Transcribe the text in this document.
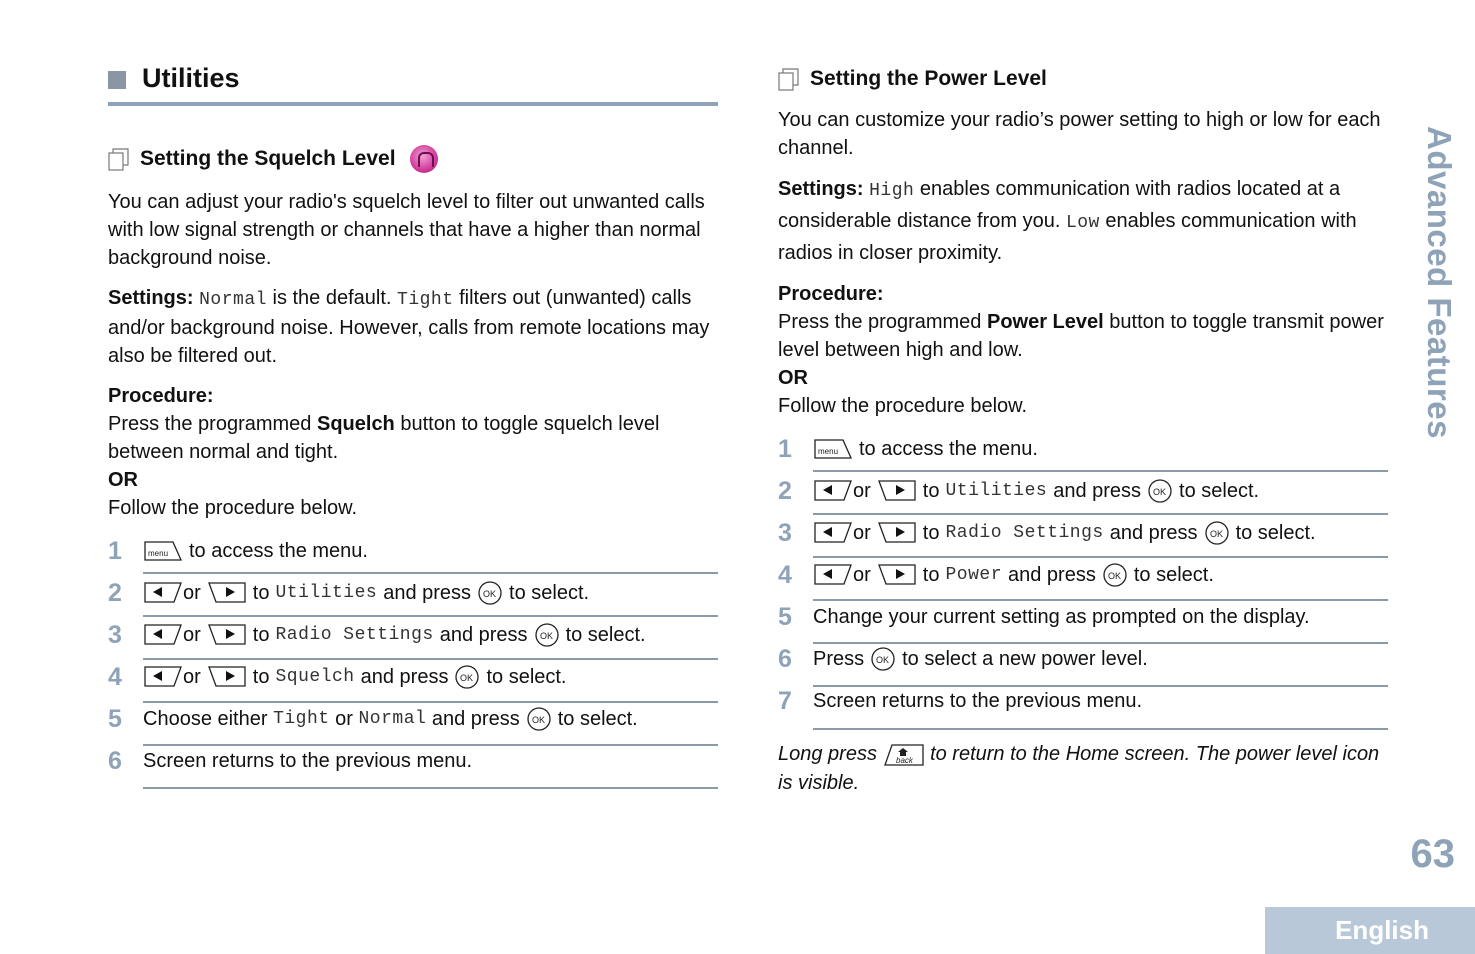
Utilities
Setting the Squelch Level

You can adjust your radio's squelch level to filter out unwanted calls with low signal strength or channels that have a higher than normal background noise.

Settings: Normal is the default. Tight filters out (unwanted) calls and/or background noise. However, calls from remote locations may also be filtered out.

Procedure:
Press the programmed Squelch button to toggle squelch level between normal and tight.
OR
Follow the procedure below.

1	menu to access the menu.
2	or	to Utilities and press OK to select.
3	or	to Radio Settings and press OK to select.
4	or	to Squelch and press OK to select.
5	Choose either Tight or Normal and press OK to select.
6	Screen returns to the previous menu.
Setting the Power Level

You can customize your radio’s power setting to high or low for each channel.

Settings: High enables communication with radios located at a considerable distance from you. Low enables communication with radios in closer proximity.

Procedure:
Press the programmed Power Level button to toggle transmit power level between high and low.
OR
Follow the procedure below.

1	menu to access the menu.
2	or	to Utilities and press OK to select.
3	or	to Radio Settings and press OK to select.
4	or	to Power and press OK to select.
5	Change your current setting as prompted on the display.
6	Press OK to select a new power level.
7	Screen returns to the previous menu.

Long press back to return to the Home screen. The power level icon is visible.

Advanced Features
63
English
